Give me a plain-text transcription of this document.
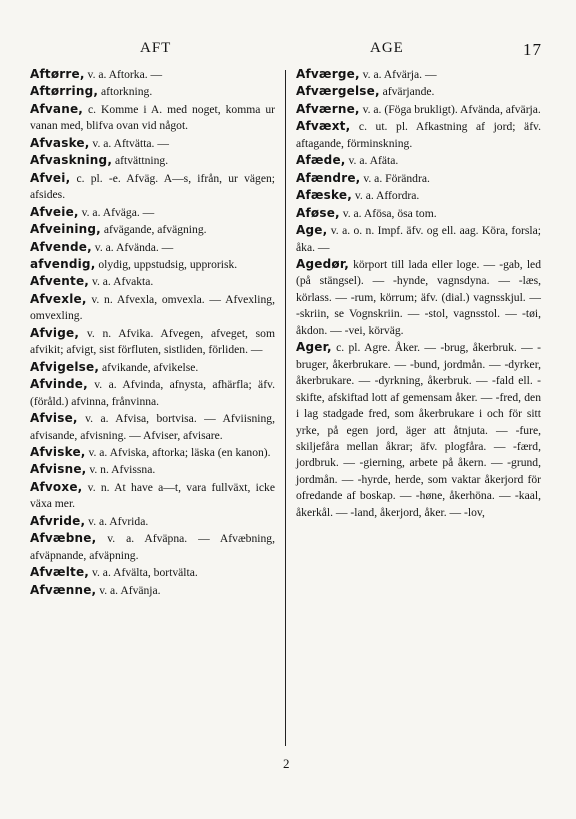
AFT	AGE	17

Aftørre, v. a. Aftorka. —

Aftørring, aftorkning.

Afvane, c. Komme i A. med noget, komma ur vanan med, blifva ovan vid något.

Afvaske, v. a. Aftvätta. —

Afvaskning, aftvättning.

Afvei, c. pl. -e. Afväg. A—s, ifrån, ur vägen; afsides.

Afveie, v. a. Afväga. —

Afveining, afvägande, afvägning.

Afvende, v. a. Afvända. —

afvendig, olydig, uppstudsig, upprorisk.

Afvente, v. a. Afvakta.

Afvexle, v. n. Afvexla, omvexla. — Afvexling, omvexling.

Afvige, v. n. Afvika. Afvegen, afveget, som afvikit; afvigt, sist förfluten, sistliden, förliden. —

Afvigelse, afvikande, afvikelse.

Afvinde, v. a. Afvinda, afnysta, afhärfla; äfv. (föråld.) afvinna, frånvinna.

Afvise, v. a. Afvisa, bortvisa. — Afviisning, afvisande, afvisning. — Afviser, afvisare.

Afviske, v. a. Afviska, aftorka; läska (en kanon).

Afvisne, v. n. Afvissna.

Afvoxe, v. n. At have a—t, vara fullväxt, icke växa mer.

Afvride, v. a. Afvrida.

Afvæbne, v. a. Afväpna. — Afvæbning, afväpnande, afväpning.

Afvælte, v. a. Afvälta, bortvälta.

Afvænne, v. a. Afvänja.

Afværge, v. a. Afvärja. —

Afværgelse, afvärjande.

Afværne, v. a. (Föga brukligt). Afvända, afvärja.

Afvæxt, c. ut. pl. Afkastning af jord; äfv. aftagande, förminskning.

Afæde, v. a. Afäta.

Afændre, v. a. Förändra.

Afæske, v. a. Affordra.

Aføse, v. a. Afösa, ösa tom.

Age, v. a. o. n. Impf. äfv. og ell. aag. Köra, forsla; åka. —

Agedør, körport till lada eller loge. — -gab, led (på stängsel). — -hynde, vagnsdyna. — -læs, körlass. — -rum, körrum; äfv. (dial.) vagnsskjul. — -skriin, se Vognskriin. — -stol, vagnsstol. — -tøi, åkdon. — -vei, körväg.

Ager, c. pl. Agre. Åker. — -brug, åkerbruk. — -bruger, åkerbrukare. — -bund, jordmån. — -dyrker, åkerbrukare. — -dyrkning, åkerbruk. — -fald ell. -skifte, afskiftad lott af gemensam åker. — -fred, den i lag stadgade fred, som åkerbrukare i och för sitt yrke, på egen jord, äger att åtnjuta. — -fure, skiljefåra mellan åkrar; äfv. plogfåra. — -færd, jordbruk. — -gierning, arbete på åkern. — -grund, jordmån. — -hyrde, herde, som vaktar åkerjord för ofredande af boskap. — -høne, åkerhöna. — -kaal, åkerkål. — -land, åkerjord, åker. — -lov,

2
